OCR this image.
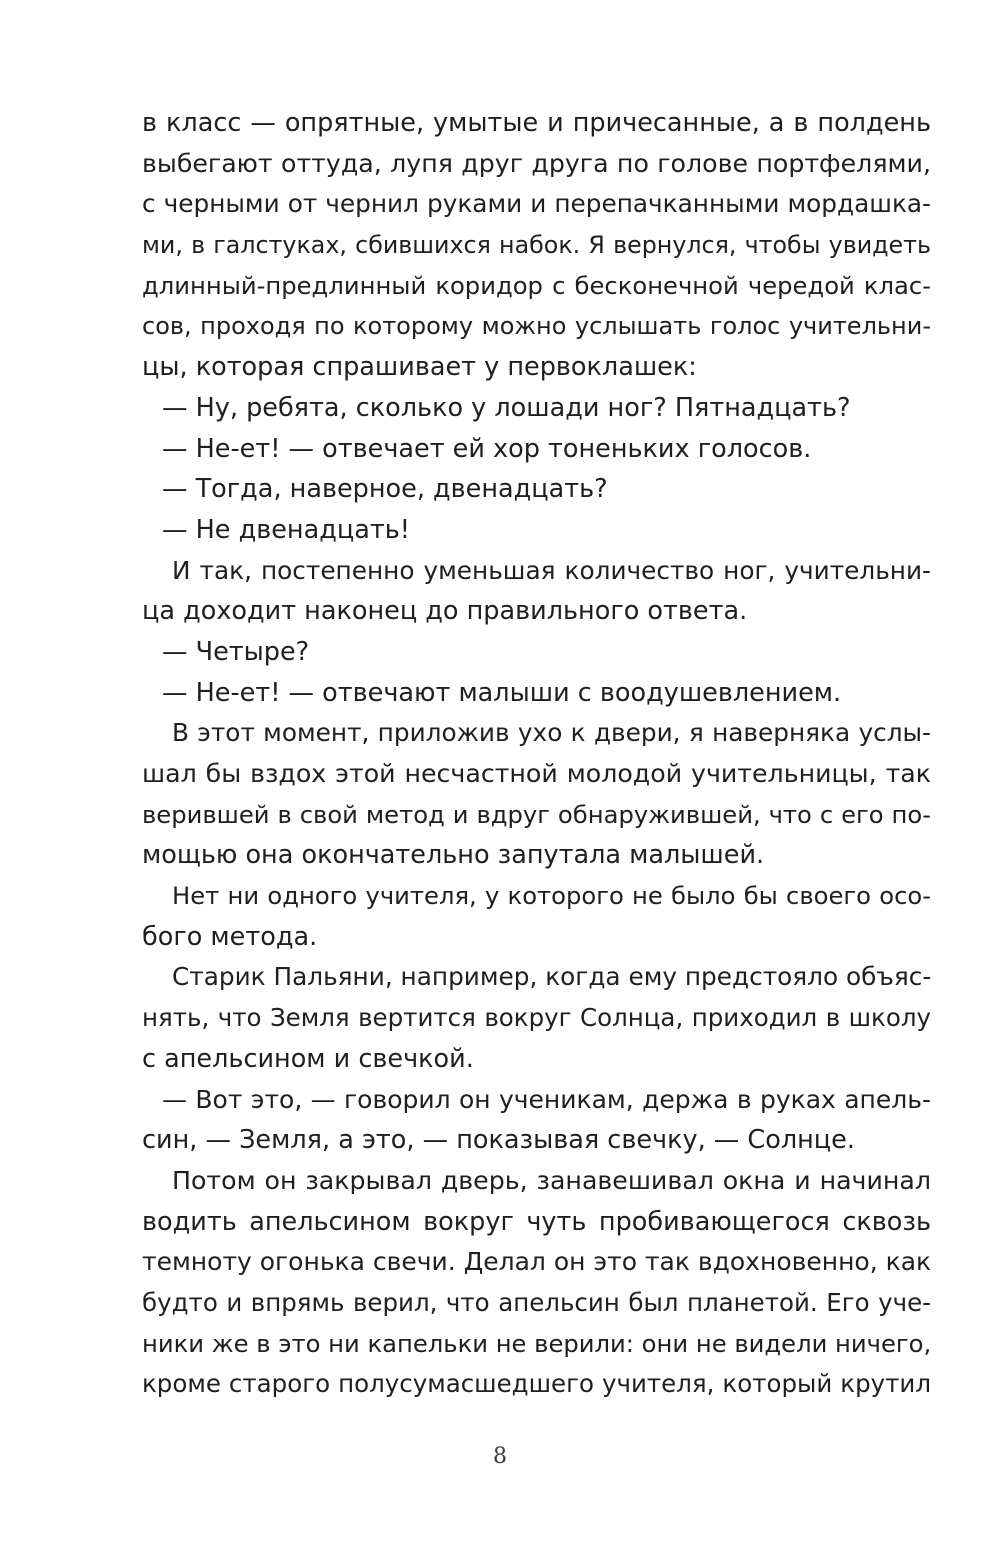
в класс — опрятные, умытые и причесанные, а в полдень
выбегают оттуда, лупя друг друга по голове портфелями,
с черными от чернил руками и перепачканными мордашка-
ми, в галстуках, сбившихся набок. Я вернулся, чтобы увидеть
длинный-предлинный коридор с бесконечной чередой клас-
сов, проходя по которому можно услышать голос учительни-
цы, которая спрашивает у первоклашек:
— Ну, ребята, сколько у лошади ног? Пятнадцать?
— Не-ет! — отвечает ей хор тоненьких голосов.
— Тогда, наверное, двенадцать?
— Не двенадцать!
И так, постепенно уменьшая количество ног, учительни-
ца доходит наконец до правильного ответа.
— Четыре?
— Не-ет! — отвечают малыши с воодушевлением.
В этот момент, приложив ухо к двери, я наверняка услы-
шал бы вздох этой несчастной молодой учительницы, так
верившей в свой метод и вдруг обнаружившей, что с его по-
мощью она окончательно запутала малышей.
Нет ни одного учителя, у которого не было бы своего осо-
бого метода.
Старик Пальяни, например, когда ему предстояло объяс-
нять, что Земля вертится вокруг Солнца, приходил в школу
с апельсином и свечкой.
— Вот это, — говорил он ученикам, держа в руках апель-
син, — Земля, а это, — показывая свечку, — Солнце.
Потом он закрывал дверь, занавешивал окна и начинал
водить апельсином вокруг чуть пробивающегося сквозь
темноту огонька свечи. Делал он это так вдохновенно, как
будто и впрямь верил, что апельсин был планетой. Его уче-
ники же в это ни капельки не верили: они не видели ничего,
кроме старого полусумасшедшего учителя, который крутил
8
